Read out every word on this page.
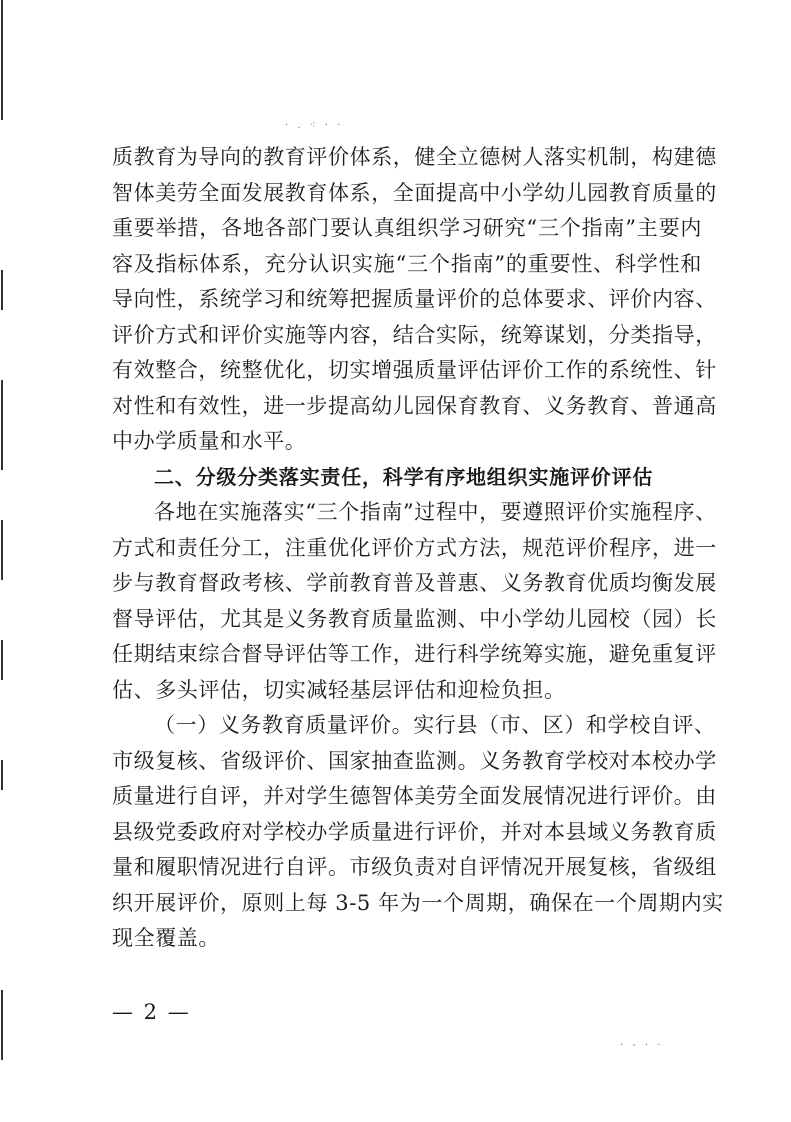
· . ⁖ · ·
· - · ·
质教育为导向的教育评价体系，健全立德树人落实机制，构建德
智体美劳全面发展教育体系，全面提高中小学幼儿园教育质量的
重要举措，各地各部门要认真组织学习研究“三个指南”主要内
容及指标体系，充分认识实施“三个指南”的重要性、科学性和
导向性，系统学习和统筹把握质量评价的总体要求、评价内容、
评价方式和评价实施等内容，结合实际，统筹谋划，分类指导，
有效整合，统整优化，切实增强质量评估评价工作的系统性、针
对性和有效性，进一步提高幼儿园保育教育、义务教育、普通高
中办学质量和水平。
二、分级分类落实责任，科学有序地组织实施评价评估
各地在实施落实“三个指南”过程中，要遵照评价实施程序、
方式和责任分工，注重优化评价方式方法，规范评价程序，进一
步与教育督政考核、学前教育普及普惠、义务教育优质均衡发展
督导评估，尤其是义务教育质量监测、中小学幼儿园校（园）长
任期结束综合督导评估等工作，进行科学统筹实施，避免重复评
估、多头评估，切实减轻基层评估和迎检负担。
（一）义务教育质量评价。实行县（市、区）和学校自评、
市级复核、省级评价、国家抽查监测。义务教育学校对本校办学
质量进行自评，并对学生德智体美劳全面发展情况进行评价。由
县级党委政府对学校办学质量进行评价，并对本县域义务教育质
量和履职情况进行自评。市级负责对自评情况开展复核，省级组
织开展评价，原则上每 3-5 年为一个周期，确保在一个周期内实
现全覆盖。
— 2 —
